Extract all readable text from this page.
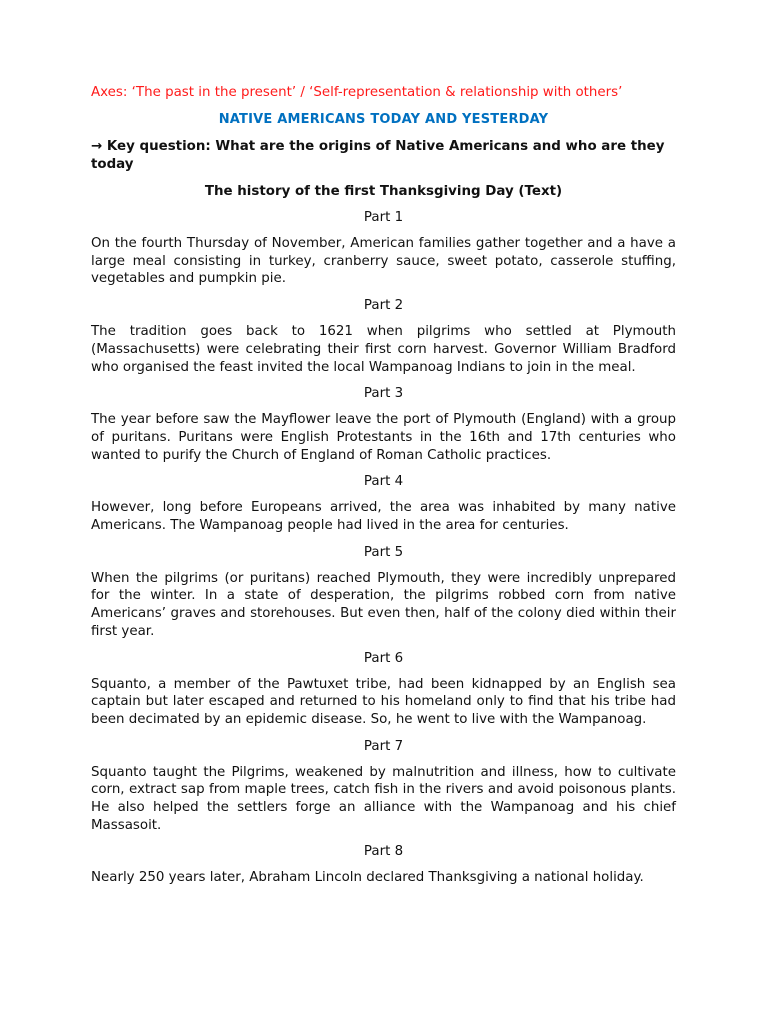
Axes: ‘The past in the present’ / ‘Self-representation & relationship with others’

NATIVE AMERICANS TODAY AND YESTERDAY

→ Key question: What are the origins of Native Americans and who are they today

The history of the first Thanksgiving Day (Text)

Part 1

On the fourth Thursday of November, American families gather together and a have a large meal consisting in turkey, cranberry sauce, sweet potato, casserole stuffing, vegetables and pumpkin pie.

Part 2

The tradition goes back to 1621 when pilgrims who settled at Plymouth (Massachusetts) were celebrating their first corn harvest. Governor William Bradford who organised the feast invited the local Wampanoag Indians to join in the meal.

Part 3

The year before saw the Mayflower leave the port of Plymouth (England) with a group of puritans. Puritans were English Protestants in the 16th and 17th centuries who wanted to purify the Church of England of Roman Catholic practices.

Part 4

However, long before Europeans arrived, the area was inhabited by many native Americans. The Wampanoag people had lived in the area for centuries.

Part 5

When the pilgrims (or puritans) reached Plymouth, they were incredibly unprepared for the winter. In a state of desperation, the pilgrims robbed corn from native Americans’ graves and storehouses. But even then, half of the colony died within their first year.

Part 6

Squanto, a member of the Pawtuxet tribe, had been kidnapped by an English sea captain but later escaped and returned to his homeland only to find that his tribe had been decimated by an epidemic disease. So, he went to live with the Wampanoag.

Part 7

Squanto taught the Pilgrims, weakened by malnutrition and illness, how to cultivate corn, extract sap from maple trees, catch fish in the rivers and avoid poisonous plants. He also helped the settlers forge an alliance with the Wampanoag and his chief Massasoit.

Part 8

Nearly 250 years later, Abraham Lincoln declared Thanksgiving a national holiday.
